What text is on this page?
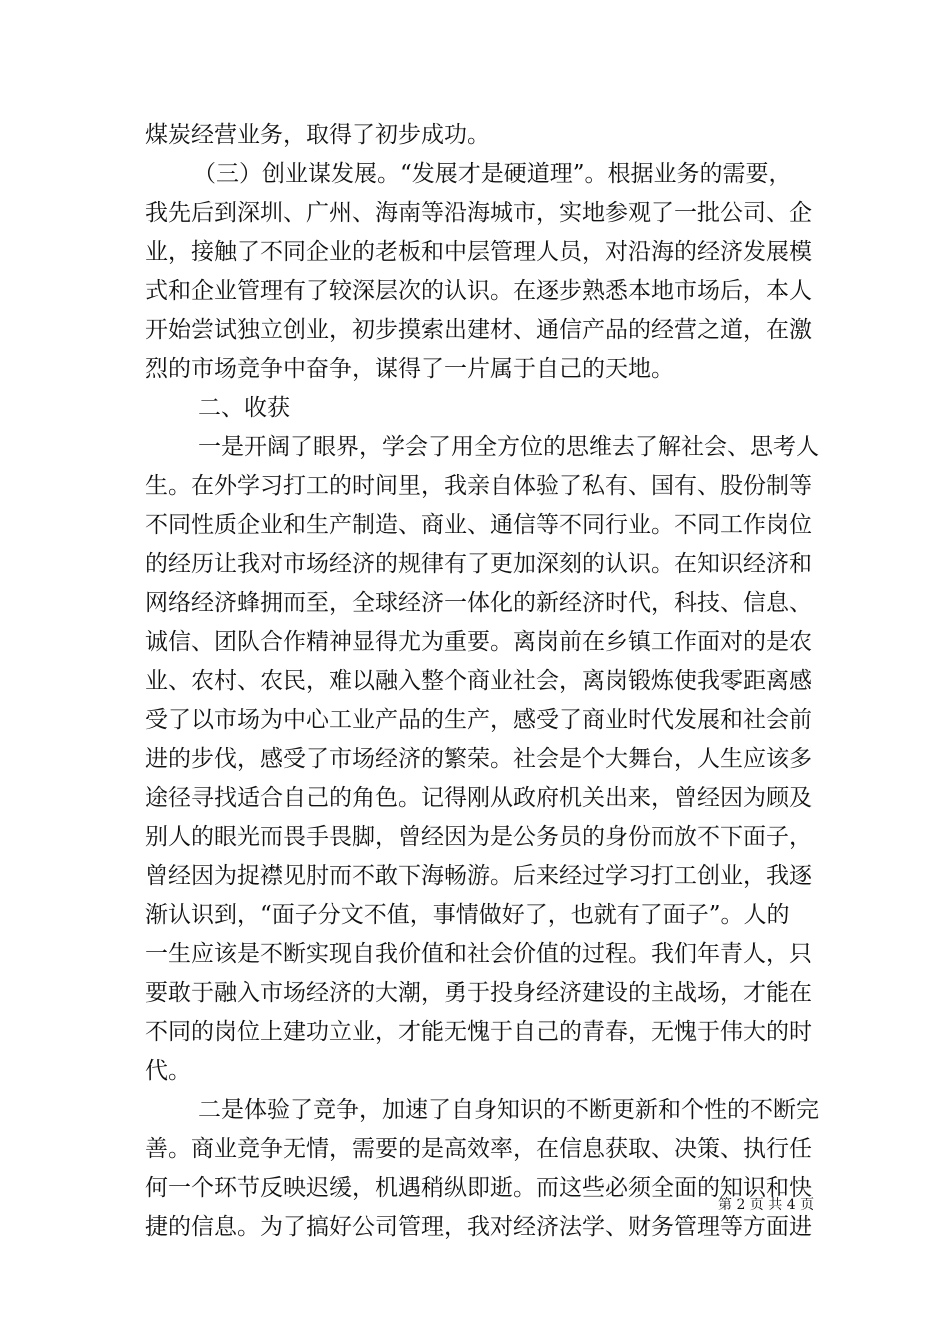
煤炭经营业务，取得了初步成功。
（三）创业谋发展。“发展才是硬道理”。根据业务的需要，
我先后到深圳、广州、海南等沿海城市，实地参观了一批公司、企
业，接触了不同企业的老板和中层管理人员，对沿海的经济发展模
式和企业管理有了较深层次的认识。在逐步熟悉本地市场后，本人
开始尝试独立创业，初步摸索出建材、通信产品的经营之道，在激
烈的市场竞争中奋争，谋得了一片属于自己的天地。
二、收获
一是开阔了眼界，学会了用全方位的思维去了解社会、思考人
生。在外学习打工的时间里，我亲自体验了私有、国有、股份制等
不同性质企业和生产制造、商业、通信等不同行业。不同工作岗位
的经历让我对市场经济的规律有了更加深刻的认识。在知识经济和
网络经济蜂拥而至，全球经济一体化的新经济时代，科技、信息、
诚信、团队合作精神显得尤为重要。离岗前在乡镇工作面对的是农
业、农村、农民，难以融入整个商业社会，离岗锻炼使我零距离感
受了以市场为中心工业产品的生产，感受了商业时代发展和社会前
进的步伐，感受了市场经济的繁荣。社会是个大舞台，人生应该多
途径寻找适合自己的角色。记得刚从政府机关出来，曾经因为顾及
别人的眼光而畏手畏脚，曾经因为是公务员的身份而放不下面子，
曾经因为捉襟见肘而不敢下海畅游。后来经过学习打工创业，我逐
渐认识到，“面子分文不值，事情做好了，也就有了面子”。人的
一生应该是不断实现自我价值和社会价值的过程。我们年青人，只
要敢于融入市场经济的大潮，勇于投身经济建设的主战场，才能在
不同的岗位上建功立业，才能无愧于自己的青春，无愧于伟大的时
代。
二是体验了竞争，加速了自身知识的不断更新和个性的不断完
善。商业竞争无情，需要的是高效率，在信息获取、决策、执行任
何一个环节反映迟缓，机遇稍纵即逝。而这些必须全面的知识和快
捷的信息。为了搞好公司管理，我对经济法学、财务管理等方面进
第 2 页 共 4 页
